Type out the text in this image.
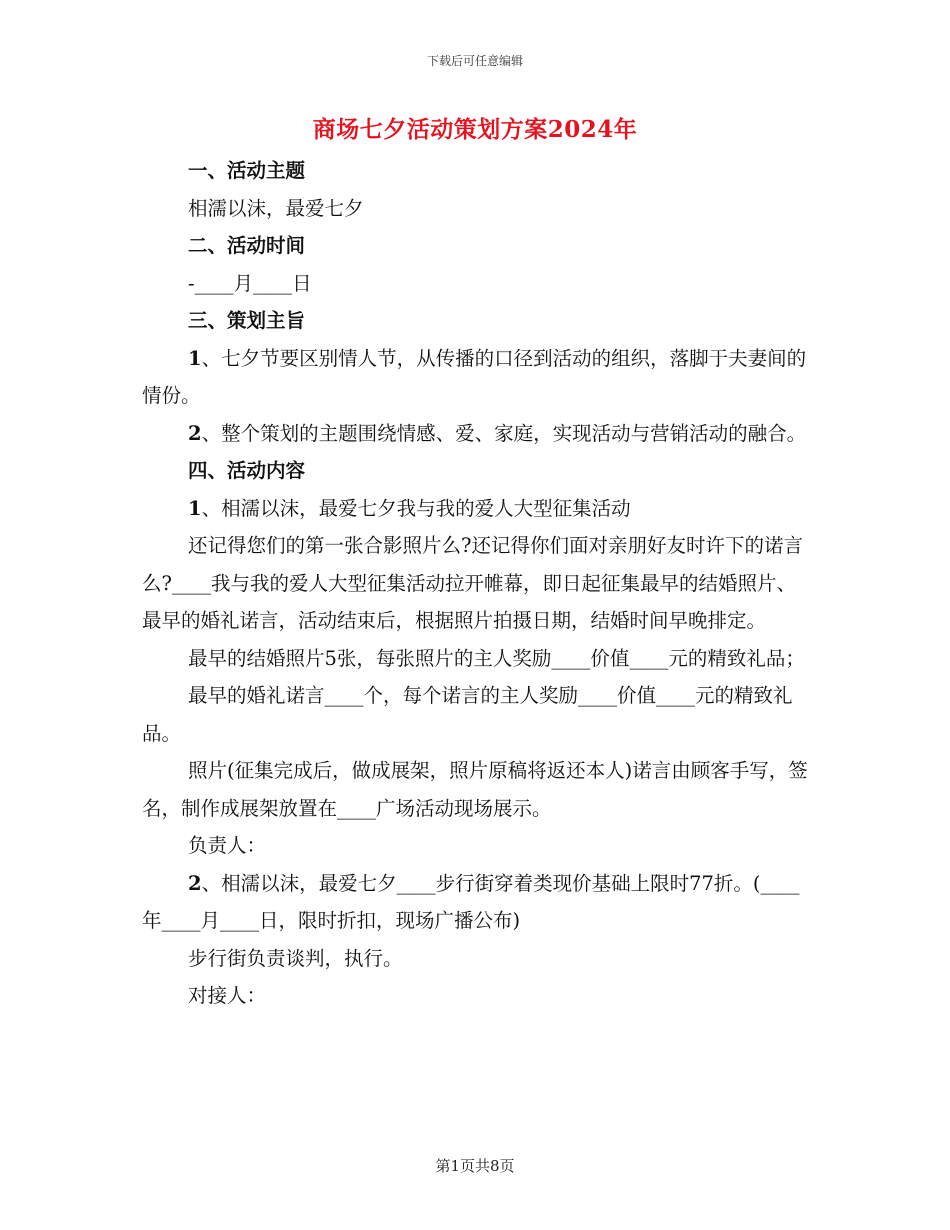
下载后可任意编辑
商场七夕活动策划方案2024年

一、活动主题

相濡以沫，最爱七夕

二、活动时间

-____月____日

三、策划主旨

1、七夕节要区别情人节，从传播的口径到活动的组织，落脚于夫妻间的情份。

2、整个策划的主题围绕情感、爱、家庭，实现活动与营销活动的融合。

四、活动内容

1、相濡以沫，最爱七夕我与我的爱人大型征集活动

还记得您们的第一张合影照片么?还记得你们面对亲朋好友时许下的诺言么?____我与我的爱人大型征集活动拉开帷幕，即日起征集最早的结婚照片、最早的婚礼诺言，活动结束后，根据照片拍摄日期，结婚时间早晚排定。

最早的结婚照片5张，每张照片的主人奖励____价值____元的精致礼品；

最早的婚礼诺言____个，每个诺言的主人奖励____价值____元的精致礼品。

照片(征集完成后，做成展架，照片原稿将返还本人)诺言由顾客手写，签名，制作成展架放置在____广场活动现场展示。

负责人：

2、相濡以沫，最爱七夕____步行街穿着类现价基础上限时77折。(____年____月____日，限时折扣，现场广播公布)

步行街负责谈判，执行。

对接人：

第1页共8页
